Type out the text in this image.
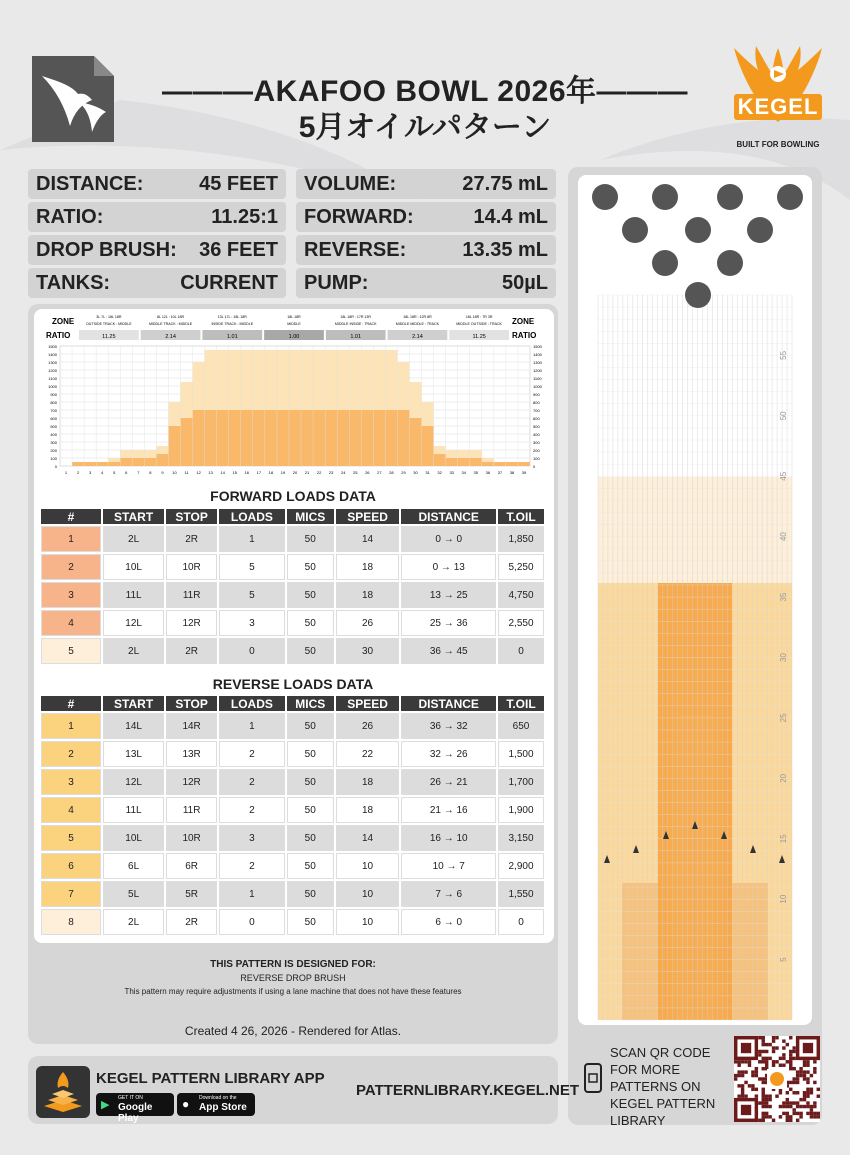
———AKAFOO BOWL 2026年———
5月オイルパターン
KEGEL
BUILT FOR BOWLING
DISTANCE:	45 FEET
RATIO:	11.25:1
DROP BRUSH: 36 FEET
TANKS:	CURRENT
VOLUME:	27.75 mL
FORWARD:	14.4 mL
REVERSE:	13.35 mL
PUMP:	50µL
ZONE
RATIO
ZONE
RATIO
3L 7L : 18L 18R
OUTSIDE TRACK : MIDDLE
11.25
8L 12L : 10L 18R
MIDDLE TRACK : MIDDLE
2.14
13L 17L : 18L 18R
INSIDE TRACK : MIDDLE
1.01
18L 18R
MIDDLE
1.00
18L 18R : 17R 13R
MIDDLE INSIDE : TRACK
1.01
18L 18R : 12R 8R
MIDDLE MIDDLE : TRACK
2.14
18L 18R : 7R 3R
MIDDLE OUTSIDE : TRACK
11.25
1500	1500
1400	1400
1300	1300
1200	1200
1100	1100
1000	1000
900	900
800	800
700	700
600	600
500	500
400	400
300	300
200	200
100	100
0	0
1 2 3 4 5 6 7 8 9 10 11 12 13 14 15 16 17 18 19 20 21 22 23 24 25 26 27 28 29 30 31 32 33 34 35 36 37 38 39
FORWARD LOADS DATA
#	START	STOP	LOADS	MICS	SPEED	DISTANCE	T.OIL
1	2L	2R	1	50	14	0 → 0	1,850
2	10L	10R	5	50	18	0 → 13	5,250
3	11L	11R	5	50	18	13 → 25	4,750
4	12L	12R	3	50	26	25 → 36	2,550
5	2L	2R	0	50	30	36 → 45	0
REVERSE LOADS DATA
#	START	STOP	LOADS	MICS	SPEED	DISTANCE	T.OIL
1	14L	14R	1	50	26	36 → 32	650
2	13L	13R	2	50	22	32 → 26	1,500
3	12L	12R	2	50	18	26 → 21	1,700
4	11L	11R	2	50	18	21 → 16	1,900
5	10L	10R	3	50	14	16 → 10	3,150
6	6L	6R	2	50	10	10 → 7	2,900
7	5L	5R	1	50	10	7 → 6	1,550
8	2L	2R	0	50	10	6 → 0	0
THIS PATTERN IS DESIGNED FOR:
REVERSE DROP BRUSH
This pattern may require adjustments if using a lane machine that does not have these features
Created 4 26, 2026 - Rendered for Atlas.
55
50
45
40
35
30
25
20
15
10
5
SCAN QR CODE FOR MORE PATTERNS ON KEGEL PATTERN LIBRARY
KEGEL PATTERN LIBRARY APP
▶
GET IT ON
Google Play
● Download on the
App Store
PATTERNLIBRARY.KEGEL.NET
